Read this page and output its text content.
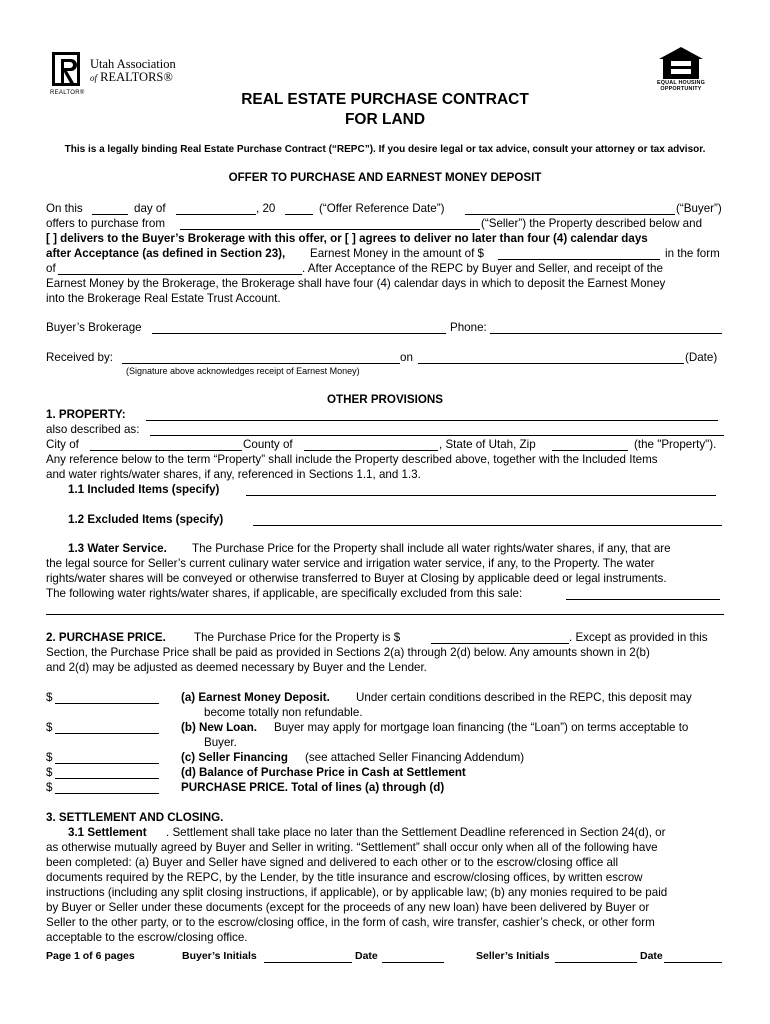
REALTOR®
Utah Association
of REALTORS®	EQUAL HOUSING OPPORTUNITY
REAL ESTATE PURCHASE CONTRACT
FOR LAND
This is a legally binding Real Estate Purchase Contract (“REPC”). If you desire legal or tax advice, consult your attorney or tax advisor.
OFFER TO PURCHASE AND EARNEST MONEY DEPOSIT
On this	day of	, 20	(“Offer Reference Date”)	(“Buyer”)
offers to purchase from	(“Seller”) the Property described below and
[ ] delivers to the Buyer’s Brokerage with this offer, or [ ] agrees to deliver no later than four (4) calendar days
after Acceptance (as defined in Section 23), Earnest Money in the amount of $	in the form
of	. After Acceptance of the REPC by Buyer and Seller, and receipt of the
Earnest Money by the Brokerage, the Brokerage shall have four (4) calendar days in which to deposit the Earnest Money
into the Brokerage Real Estate Trust Account.
Buyer’s Brokerage	Phone:
Received by:	on	(Date)
(Signature above acknowledges receipt of Earnest Money)
OTHER PROVISIONS
1. PROPERTY:
also described as:
City of	County of	, State of Utah, Zip	(the "Property").
Any reference below to the term “Property” shall include the Property described above, together with the Included Items
and water rights/water shares, if any, referenced in Sections 1.1, and 1.3.
1.1 Included Items (specify)
1.2 Excluded Items (specify)
1.3 Water Service. The Purchase Price for the Property shall include all water rights/water shares, if any, that are
the legal source for Seller’s current culinary water service and irrigation water service, if any, to the Property. The water
rights/water shares will be conveyed or otherwise transferred to Buyer at Closing by applicable deed or legal instruments.
The following water rights/water shares, if applicable, are specifically excluded from this sale:
2. PURCHASE PRICE. The Purchase Price for the Property is $	. Except as provided in this
Section, the Purchase Price shall be paid as provided in Sections 2(a) through 2(d) below. Any amounts shown in 2(b)
and 2(d) may be adjusted as deemed necessary by Buyer and the Lender.
$	(a) Earnest Money Deposit. Under certain conditions described in the REPC, this deposit may
become totally non refundable.
$	(b) New Loan. Buyer may apply for mortgage loan financing (the “Loan”) on terms acceptable to
Buyer.
$	(c) Seller Financing (see attached Seller Financing Addendum)
$	(d) Balance of Purchase Price in Cash at Settlement
$	PURCHASE PRICE. Total of lines (a) through (d)
3. SETTLEMENT AND CLOSING.
3.1 Settlement . Settlement shall take place no later than the Settlement Deadline referenced in Section 24(d), or
as otherwise mutually agreed by Buyer and Seller in writing. “Settlement” shall occur only when all of the following have
been completed: (a) Buyer and Seller have signed and delivered to each other or to the escrow/closing office all
documents required by the REPC, by the Lender, by the title insurance and escrow/closing offices, by written escrow
instructions (including any split closing instructions, if applicable), or by applicable law; (b) any monies required to be paid
by Buyer or Seller under these documents (except for the proceeds of any new loan) have been delivered by Buyer or
Seller to the other party, or to the escrow/closing office, in the form of cash, wire transfer, cashier’s check, or other form
acceptable to the escrow/closing office.
Page 1 of 6 pages	Buyer’s Initials	Date	Seller’s Initials	Date
